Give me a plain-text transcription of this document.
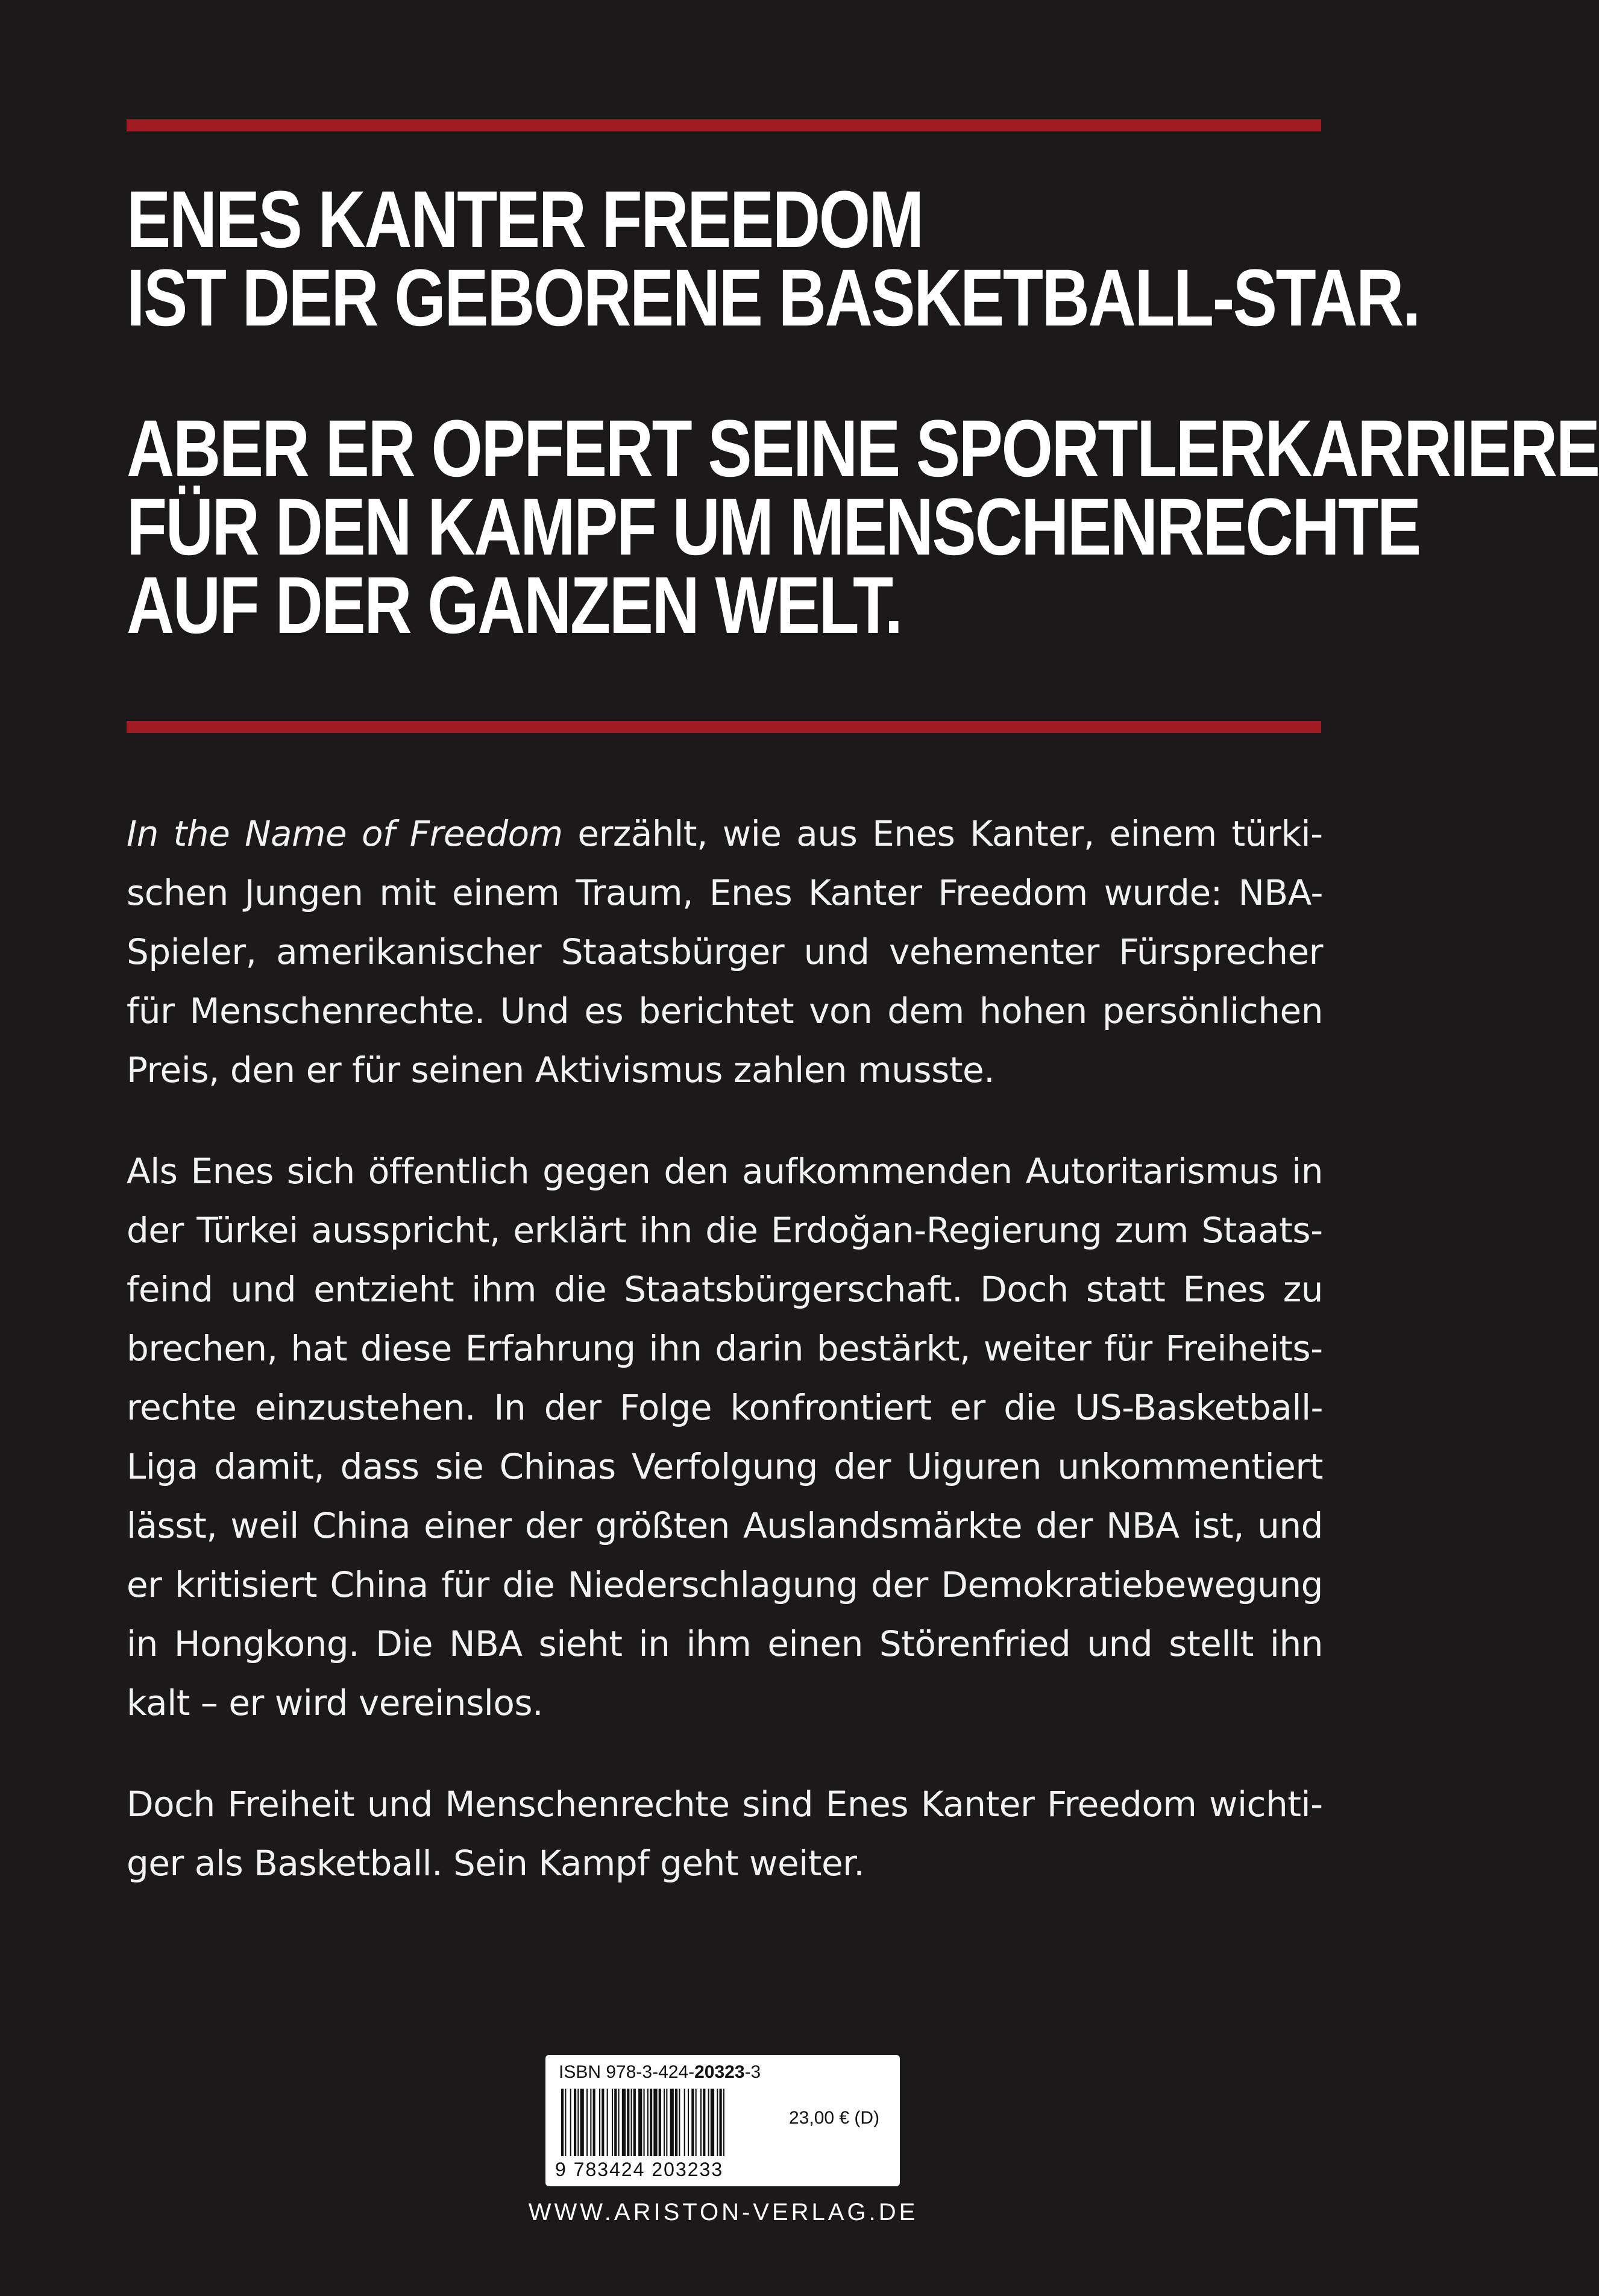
ENES KANTER FREEDOM
IST DER GEBORENE BASKETBALL-STAR.
ABER ER OPFERT SEINE SPORTLERKARRIERE
FÜR DEN KAMPF UM MENSCHENRECHTE
AUF DER GANZEN WELT.
In the Name of Freedom erzählt, wie aus Enes Kanter, einem türkischen Jungen mit einem Traum, Enes Kanter Freedom wurde: NBA-Spieler, amerikanischer Staatsbürger und vehementer Fürsprecher für Menschenrechte. Und es berichtet von dem hohen persönlichen Preis, den er für seinen Aktivismus zahlen musste.
Als Enes sich öffentlich gegen den aufkommenden Autoritarismus in der Türkei ausspricht, erklärt ihn die Erdoğan-Regierung zum Staatsfeind und entzieht ihm die Staatsbürgerschaft. Doch statt Enes zu brechen, hat diese Erfahrung ihn darin bestärkt, weiter für Freiheitsrechte einzustehen. In der Folge konfrontiert er die US-Basketball-Liga damit, dass sie Chinas Verfolgung der Uiguren unkommentiert lässt, weil China einer der größten Auslandsmärkte der NBA ist, und er kritisiert China für die Niederschlagung der Demokratiebewegung in Hongkong. Die NBA sieht in ihm einen Störenfried und stellt ihn kalt – er wird vereinslos.
Doch Freiheit und Menschenrechte sind Enes Kanter Freedom wichtiger als Basketball. Sein Kampf geht weiter.
ISBN 978-3-424-20323-3
9 783424 203233
23,00 € (D)
WWW.ARISTON-VERLAG.DE
